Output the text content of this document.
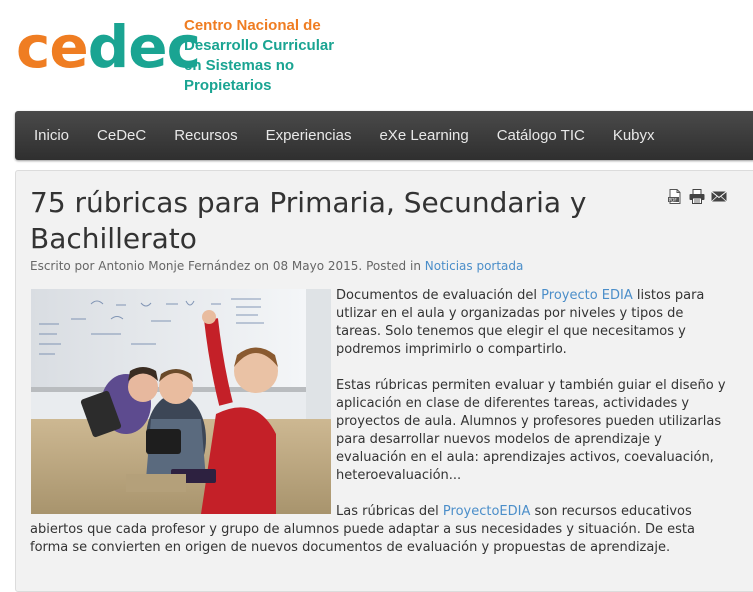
cedec
Centro Nacional de
Desarrollo Curricular
en Sistemas no Propietarios
Inicio	CeDeC	Recursos	Experiencias	eXe Learning	Catálogo TIC	Kubyx
75 rúbricas para Primaria, Secundaria y Bachillerato
PDF
Escrito por Antonio Monje Fernández on 08 Mayo 2015. Posted in Noticias portada

Documentos de evaluación del Proyecto EDIA listos para utlizar en el aula y organizadas por niveles y tipos de tareas. Solo tenemos que elegir el que necesitamos y podremos imprimirlo o compartirlo.

Estas rúbricas permiten evaluar y también guiar el diseño y aplicación en clase de diferentes tareas, actividades y proyectos de aula. Alumnos y profesores pueden utilizarlas para desarrollar nuevos modelos de aprendizaje y evaluación en el aula: aprendizajes activos, coevaluación, heteroevaluación...

Las rúbricas del ProyectoEDIA son recursos educativos abiertos que cada profesor y grupo de alumnos puede adaptar a sus necesidades y situación. De esta forma se convierten en origen de nuevos documentos de evaluación y propuestas de aprendizaje.
